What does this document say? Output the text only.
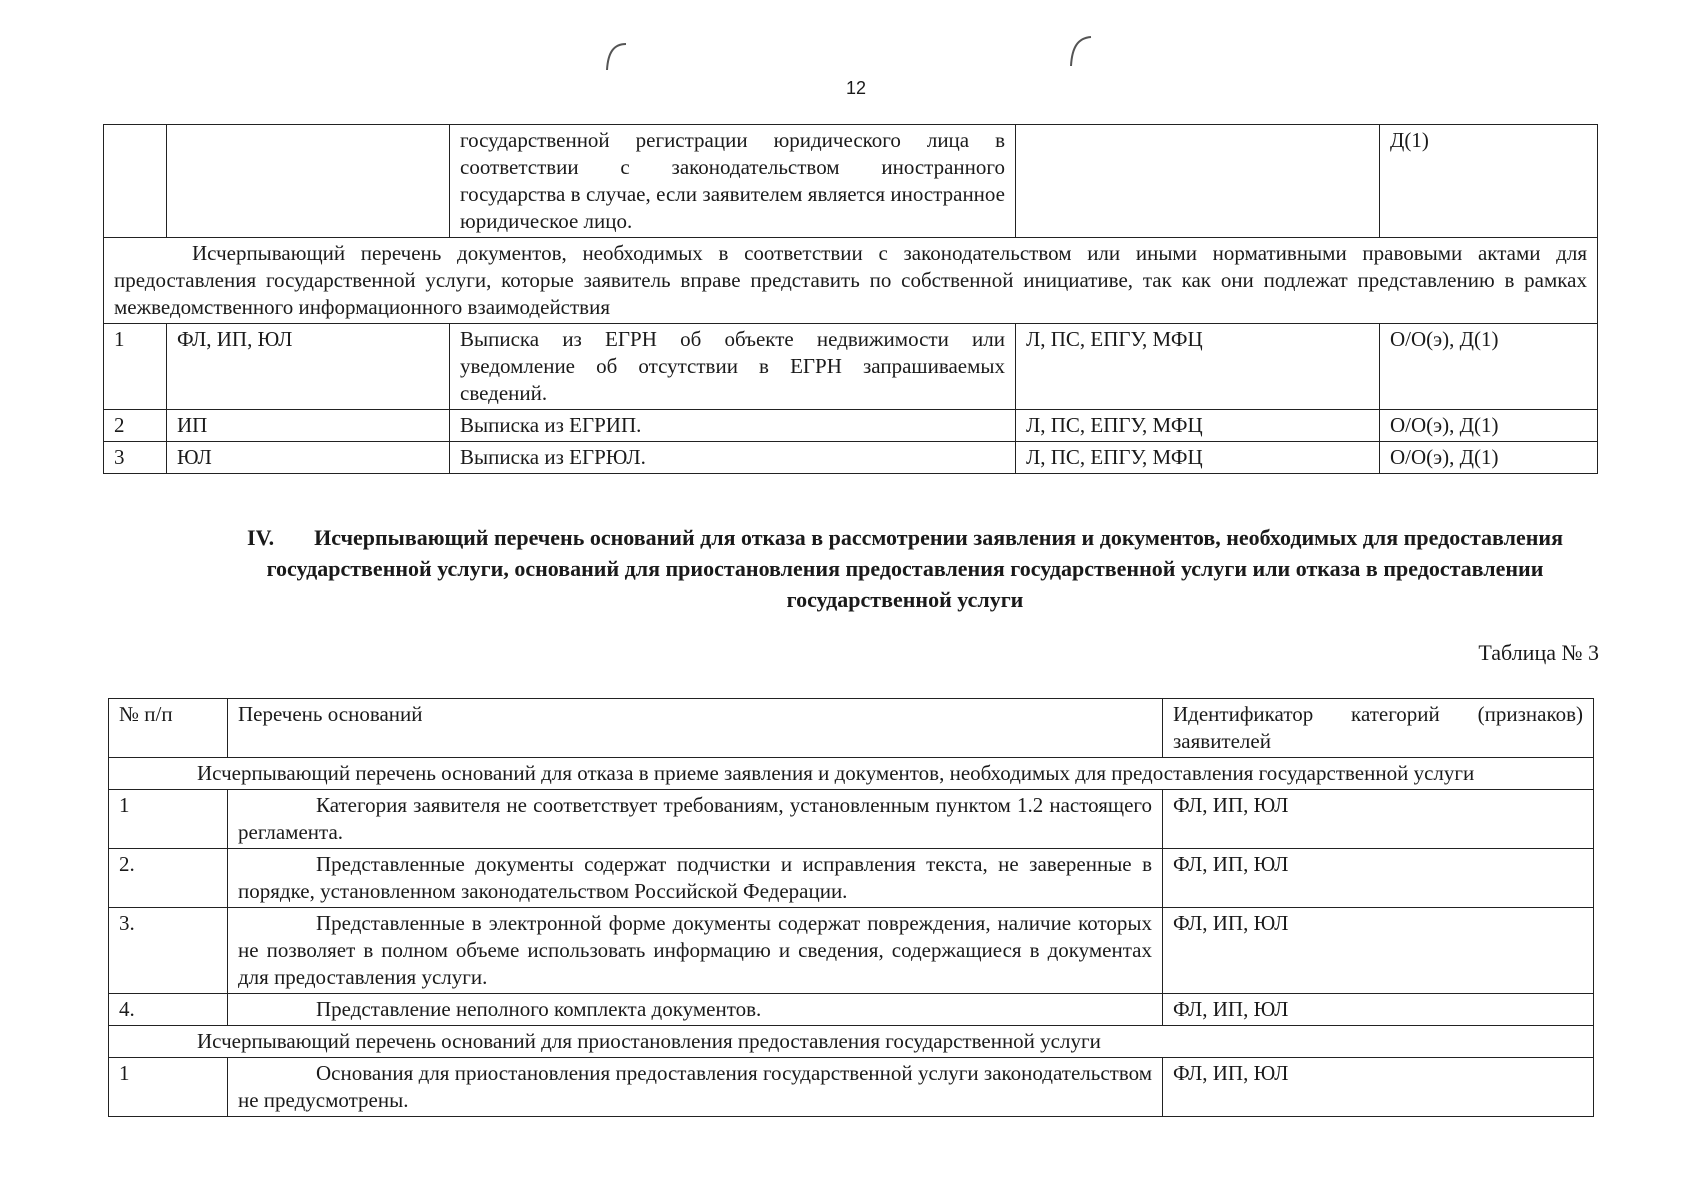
12
		государственной регистрации юридического лица в соответствии с законодательством иностранного государства в случае, если заявителем является иностранное юридическое лицо.		Д(1)
Исчерпывающий перечень документов, необходимых в соответствии с законодательством или иными нормативными правовыми актами для предоставления государственной услуги, которые заявитель вправе представить по собственной инициативе, так как они подлежат представлению в рамках межведомственного информационного взаимодействия				
1	ФЛ, ИП, ЮЛ	Выписка из ЕГРН об объекте недвижимости или уведомление об отсутствии в ЕГРН запрашиваемых сведений.	Л, ПС, ЕПГУ, МФЦ	О/О(э), Д(1)
2	ИП	Выписка из ЕГРИП.	Л, ПС, ЕПГУ, МФЦ	О/О(э), Д(1)
3	ЮЛ	Выписка из ЕГРЮЛ.	Л, ПС, ЕПГУ, МФЦ	О/О(э), Д(1)
IV. Исчерпывающий перечень оснований для отказа в рассмотрении заявления и документов, необходимых для предоставления государственной услуги, оснований для приостановления предоставления государственной услуги или отказа в предоставлении государственной услуги
Таблица № 3
№ п/п	Перечень оснований	Идентификатор категорий (признаков) заявителей
Исчерпывающий перечень оснований для отказа в приеме заявления и документов, необходимых для предоставления государственной услуги		
1	Категория заявителя не соответствует требованиям, установленным пунктом 1.2 настоящего регламента.	ФЛ, ИП, ЮЛ
2.	Представленные документы содержат подчистки и исправления текста, не заверенные в порядке, установленном законодательством Российской Федерации.	ФЛ, ИП, ЮЛ
3.	Представленные в электронной форме документы содержат повреждения, наличие которых не позволяет в полном объеме использовать информацию и сведения, содержащиеся в документах для предоставления услуги.	ФЛ, ИП, ЮЛ
4.	Представление неполного комплекта документов.	ФЛ, ИП, ЮЛ
Исчерпывающий перечень оснований для приостановления предоставления государственной услуги		
1	Основания для приостановления предоставления государственной услуги законодательством не предусмотрены.	ФЛ, ИП, ЮЛ
